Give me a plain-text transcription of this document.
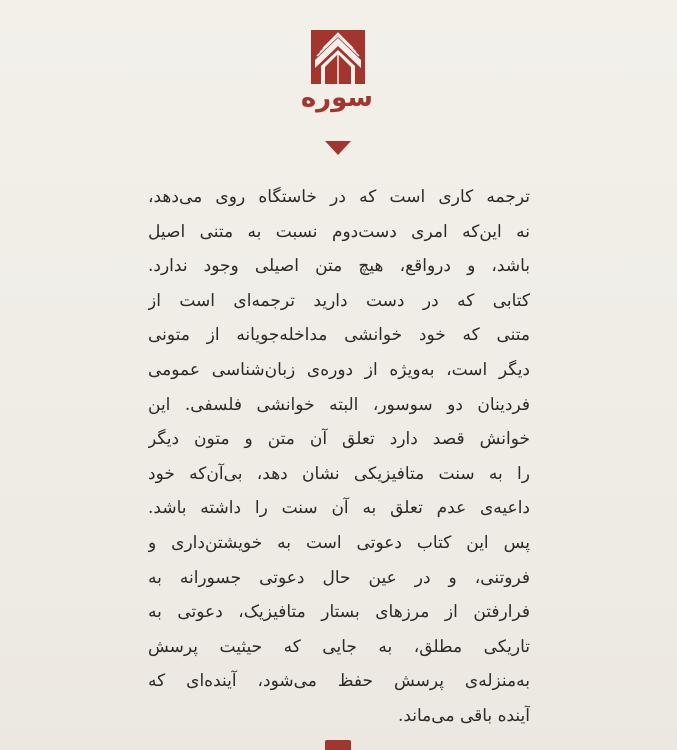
سوره
ترجمه کاری است که در خاستگاه روی می‌دهد،
نه این‌که امری دست‌دوم نسبت به متنی اصیل
باشد، و درواقع، هیچ متن اصیلی وجود ندارد.
کتابی که در دست دارید ترجمه‌ای است از
متنی که خود خوانشی مداخله‌جویانه از متونی
دیگر است، به‌ویژه از دوره‌ی زبان‌شناسی عمومی
فردینان دو سوسور، البته خوانشی فلسفی. این
خوانش قصد دارد تعلق آن متن و متون دیگر
را به سنت متافیزیکی نشان دهد، بی‌آن‌که خود
داعیه‌ی عدم تعلق به آن سنت را داشته باشد.
پس این کتاب دعوتی است به خویشتن‌داری و
فروتنی، و در عین حال دعوتی جسورانه به
فرارفتن از مرزهای بستار متافیزیک، دعوتی به
تاریکی مطلق، به جایی که حیثیت پرسش
به‌منزله‌ی پرسش حفظ می‌شود، آینده‌ای که
آینده باقی می‌ماند.
